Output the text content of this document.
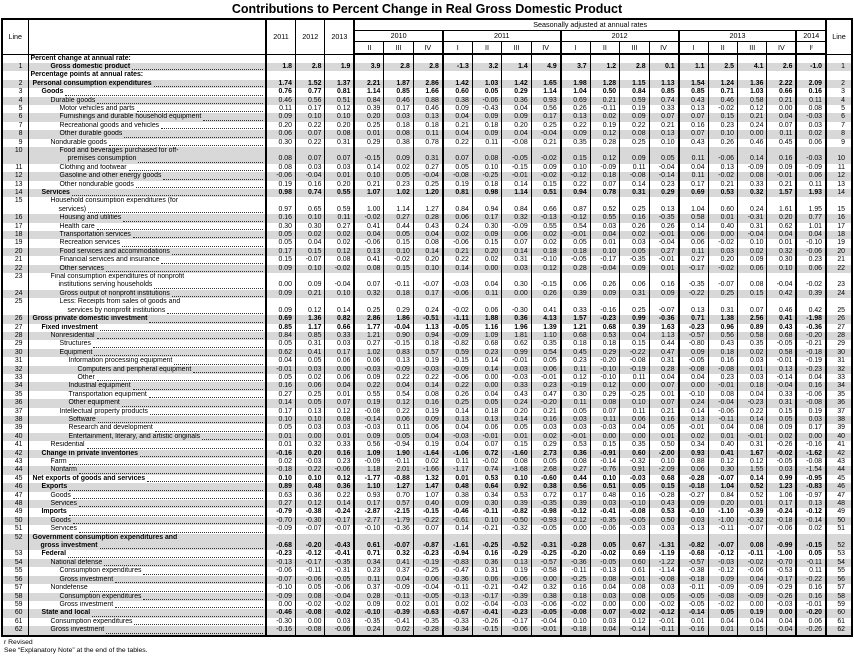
Contributions to Percent Change in Real Gross Domestic Product
Line		2011	2012	2013	Seasonally adjusted at annual rates																Line
					2010			2011				2012				2013				2014	
					II	III	IV	I	II	III	IV	I	II	III	IV	I	II	III	IV	Iʳ	
	Percent change at annual rate:																				
1	Gross domestic product	1.8	2.8	1.9	3.9	2.8	2.8	-1.3	3.2	1.4	4.9	3.7	1.2	2.8	0.1	1.1	2.5	4.1	2.6	-1.0	1
	Percentage points at annual rates:																				
2	Personal consumption expenditures	1.74	1.52	1.37	2.21	1.87	2.86	1.42	1.03	1.42	1.65	1.98	1.28	1.15	1.13	1.54	1.24	1.36	2.22	2.09	2
3	Goods	0.76	0.77	0.81	1.14	0.85	1.66	0.60	0.05	0.29	1.14	1.04	0.50	0.84	0.85	0.85	0.71	1.03	0.66	0.16	3
4	Durable goods	0.46	0.56	0.51	0.84	0.46	0.88	0.38	-0.06	0.36	0.93	0.69	0.21	0.59	0.74	0.43	0.46	0.58	0.21	0.11	4
5	Motor vehicles and parts	0.11	0.17	0.12	0.39	0.17	0.46	0.09	-0.43	0.04	0.56	0.26	-0.11	0.19	0.33	0.13	-0.02	0.12	0.00	0.08	5
6	Furnishings and durable household equipment	0.09	0.10	0.10	0.20	0.03	0.13	0.04	0.09	0.09	0.17	0.13	0.02	0.09	0.07	0.07	0.15	0.21	0.04	-0.03	6
7	Recreational goods and vehicles	0.20	0.22	0.20	0.25	0.18	0.18	0.21	0.18	0.20	0.25	0.22	0.19	0.22	0.21	0.16	0.23	0.24	0.07	0.03	7
8	Other durable goods	0.06	0.07	0.08	0.01	0.08	0.11	0.04	0.09	0.04	-0.04	0.09	0.12	0.08	0.13	0.07	0.10	0.00	0.11	0.02	8
9	Nondurable goods	0.30	0.22	0.31	0.29	0.38	0.78	0.22	0.11	-0.08	0.21	0.35	0.28	0.25	0.10	0.43	0.26	0.46	0.45	0.06	9
10	Food and beverages purchased for off-
premises consumption	0.08	0.07	0.07	-0.15	0.09	0.31	0.07	0.08	-0.05	-0.02	0.15	0.12	0.09	0.05	0.11	-0.06	0.14	0.16	-0.03	10
11	Clothing and footwear	0.08	0.03	0.03	0.14	0.02	0.27	0.05	0.10	-0.15	0.09	0.10	-0.09	0.11	-0.04	0.04	0.13	-0.09	0.09	-0.09	11
12	Gasoline and other energy goods	-0.06	-0.04	0.01	0.10	0.05	-0.04	-0.08	-0.25	-0.01	-0.02	-0.12	0.18	-0.08	-0.14	0.11	-0.02	0.08	-0.01	0.06	12
13	Other nondurable goods	0.19	0.16	0.20	0.21	0.23	0.25	0.19	0.18	0.14	0.15	0.22	0.07	0.14	0.23	0.17	0.21	0.33	0.21	0.11	13
14	Services	0.98	0.74	0.55	1.07	1.02	1.20	0.81	0.98	1.14	0.51	0.94	0.78	0.31	0.29	0.69	0.53	0.32	1.57	1.93	14
15	Household consumption expenditures (for
services)	0.97	0.65	0.59	1.00	1.14	1.27	0.84	0.94	0.84	0.66	0.87	0.52	0.25	0.13	1.04	0.60	0.24	1.61	1.95	15
16	Housing and utilities	0.16	0.10	0.11	-0.02	0.27	0.28	0.06	0.17	0.32	-0.13	-0.12	0.55	0.16	-0.35	0.58	0.01	-0.31	0.20	0.77	16
17	Health care	0.30	0.30	0.27	0.41	0.44	0.43	0.24	0.30	-0.09	0.55	0.54	0.03	0.26	0.26	0.14	0.40	0.31	0.62	1.01	17
18	Transportation services	0.05	0.02	0.02	0.04	0.05	0.04	0.02	0.09	0.06	0.02	-0.01	0.04	0.02	-0.01	0.06	0.00	-0.04	0.04	0.04	18
19	Recreation services	0.05	0.04	0.02	-0.06	0.15	0.08	-0.06	0.15	0.07	0.02	0.05	0.01	0.03	-0.04	0.06	-0.02	0.10	0.01	-0.10	19
20	Food services and accommodations	0.17	0.15	0.12	0.13	0.10	0.14	0.21	0.20	0.14	0.18	0.18	0.10	0.05	0.27	0.11	0.03	0.02	0.32	-0.06	20
21	Financial services and insurance	0.15	-0.07	0.08	0.41	-0.02	0.20	0.22	0.02	0.31	-0.10	-0.05	-0.17	-0.35	-0.01	0.27	0.20	0.09	0.30	0.23	21
22	Other services	0.09	0.10	-0.02	0.08	0.15	0.10	0.14	0.00	0.03	0.12	0.28	-0.04	0.09	0.01	-0.17	-0.02	0.06	0.10	0.06	22
23	Final consumption expenditures of nonprofit
institutions serving households	0.00	0.09	-0.04	0.07	-0.11	-0.07	-0.03	0.04	0.30	-0.15	0.06	0.26	0.06	0.16	-0.35	-0.07	0.08	-0.04	-0.02	23
24	Gross output of nonprofit institutions	0.09	0.21	0.10	0.32	0.18	0.17	-0.06	0.11	0.00	0.26	0.39	0.09	0.31	0.09	-0.22	0.25	0.15	0.42	0.39	24
25	Less: Receipts from sales of goods and
services by nonprofit institutions	0.09	0.12	0.14	0.25	0.29	0.24	-0.02	0.06	-0.30	0.41	0.33	-0.16	0.25	-0.07	0.13	0.31	0.07	0.46	0.42	25
26	Gross private domestic investment	0.69	1.36	0.82	2.86	1.86	-0.51	-1.11	1.88	0.36	4.13	1.57	-0.23	0.99	-0.36	0.71	1.38	2.56	0.41	-1.98	26
27	Fixed investment	0.85	1.17	0.66	1.77	-0.04	1.13	-0.05	1.16	1.96	1.39	1.21	0.68	0.39	1.63	-0.23	0.96	0.89	0.43	-0.36	27
28	Nonresidential	0.84	0.85	0.33	1.21	0.90	0.94	-0.09	1.09	1.81	1.10	0.68	0.53	0.04	1.13	-0.57	0.56	0.58	0.68	-0.20	28
29	Structures	0.05	0.31	0.03	0.27	-0.15	0.18	-0.82	0.68	0.62	0.35	0.18	0.18	0.15	0.44	-0.80	0.43	0.35	-0.05	-0.21	29
30	Equipment	0.62	0.41	0.17	1.02	0.83	0.57	0.59	0.23	0.99	0.54	0.45	0.29	-0.22	0.47	0.09	0.18	0.02	0.58	-0.18	30
31	Information processing equipment	0.04	0.05	0.06	0.06	0.13	0.19	-0.15	0.14	-0.01	0.05	0.23	-0.20	-0.08	0.31	-0.05	0.16	0.03	-0.01	-0.19	31
32	Computers and peripheral equipment	-0.01	0.03	0.00	-0.03	-0.09	-0.03	-0.09	0.14	0.03	0.06	0.11	-0.10	-0.19	0.28	-0.08	-0.08	0.01	0.13	-0.23	32
33	Other	0.05	0.02	0.06	0.09	0.22	0.22	-0.06	0.00	-0.03	-0.01	0.12	-0.10	0.11	0.04	0.04	0.23	0.03	-0.14	0.04	33
34	Industrial equipment	0.16	0.06	0.04	0.22	0.04	0.14	0.22	0.00	0.33	0.23	-0.19	0.12	0.00	0.07	0.00	-0.01	0.18	-0.04	0.16	34
35	Transportation equipment	0.27	0.25	0.01	0.55	0.54	0.08	0.26	0.04	0.43	0.47	0.30	0.29	-0.25	0.01	-0.10	0.08	0.04	0.33	-0.06	35
36	Other equipment	0.14	0.05	0.07	0.19	0.12	0.16	0.25	0.05	0.24	-0.20	0.11	0.08	0.10	0.07	0.24	-0.04	-0.23	0.31	-0.08	36
37	Intellectual property products	0.17	0.13	0.12	-0.08	0.22	0.19	0.14	0.18	0.20	0.21	0.05	0.07	0.11	0.21	0.14	-0.06	0.22	0.15	0.19	37
38	Software	0.10	0.10	0.08	-0.14	0.06	0.09	0.13	0.13	0.14	0.16	0.03	0.11	0.06	0.16	0.13	-0.11	0.14	0.05	0.03	38
39	Research and development	0.05	0.03	0.03	-0.03	0.11	0.06	0.04	0.06	0.05	0.03	0.03	-0.03	0.04	0.05	-0.01	0.04	0.08	0.09	0.17	39
40	Entertainment, literary, and artistic originals	0.01	0.00	0.01	0.09	0.05	0.04	-0.03	-0.01	0.01	0.02	-0.01	0.00	0.00	0.01	0.02	0.01	-0.01	0.02	0.00	40
41	Residential	0.01	0.32	0.33	0.56	-0.94	0.19	0.04	0.07	0.15	0.29	0.53	0.15	0.35	0.50	0.34	0.40	0.31	-0.26	-0.16	41
42	Change in private inventories	-0.16	0.20	0.16	1.09	1.90	-1.64	-1.06	0.72	-1.60	2.73	0.36	-0.91	0.60	-2.00	0.93	0.41	1.67	-0.02	-1.62	42
43	Farm	0.02	-0.03	0.23	-0.09	-0.11	0.02	0.11	-0.02	0.08	0.05	0.08	-0.14	-0.32	0.10	0.88	0.12	0.12	-0.05	-0.08	43
44	Nonfarm	-0.18	0.22	-0.06	1.18	2.01	-1.66	-1.17	0.74	-1.68	2.68	0.27	-0.76	0.91	-2.09	0.06	0.30	1.55	0.03	-1.54	44
45	Net exports of goods and services	0.10	0.10	0.12	-1.77	-0.88	1.32	0.01	0.53	0.10	-0.60	0.44	0.10	-0.03	0.68	-0.28	-0.07	0.14	0.99	-0.95	45
46	Exports	0.89	0.48	0.36	1.10	1.27	1.47	0.48	0.64	0.92	0.38	0.56	0.51	0.05	0.15	-0.18	1.04	0.52	1.23	-0.83	46
47	Goods	0.63	0.36	0.22	0.93	0.70	1.07	0.38	0.34	0.53	0.72	0.17	0.48	0.16	-0.28	-0.27	0.84	0.52	1.06	-0.97	47
48	Services	0.27	0.12	0.14	0.17	0.57	0.40	0.09	0.30	0.39	-0.35	0.39	0.03	-0.10	0.43	0.09	0.20	0.01	0.17	0.13	48
49	Imports	-0.79	-0.38	-0.24	-2.87	-2.15	-0.15	-0.46	-0.11	-0.82	-0.98	-0.12	-0.41	-0.08	0.53	-0.10	-1.10	-0.39	-0.24	-0.12	49
50	Goods	-0.70	-0.30	-0.17	-2.77	-1.79	-0.22	-0.61	0.10	-0.50	-0.93	-0.12	-0.35	-0.05	0.50	0.03	-1.00	-0.32	-0.18	-0.14	50
51	Services	-0.09	-0.07	-0.07	-0.10	-0.36	0.07	0.14	-0.21	-0.32	-0.05	0.00	-0.06	-0.03	0.03	-0.13	-0.11	-0.07	-0.06	0.02	51
52	Government consumption expenditures and
gross investment	-0.68	-0.20	-0.43	0.61	-0.07	-0.87	-1.61	-0.25	-0.52	-0.31	-0.28	0.05	0.67	-1.31	-0.82	-0.07	0.08	-0.99	-0.15	52
53	Federal	-0.23	-0.12	-0.41	0.71	0.32	-0.23	-0.94	0.16	-0.29	-0.25	-0.20	-0.02	0.69	-1.19	-0.68	-0.12	-0.11	-1.00	0.05	53
54	National defense	-0.13	-0.17	-0.35	0.34	0.41	-0.19	-0.83	0.36	0.13	-0.57	-0.36	-0.05	0.60	-1.22	-0.57	-0.03	-0.02	-0.70	-0.11	54
55	Consumption expenditures	-0.06	-0.11	-0.31	0.23	0.37	-0.25	-0.47	0.31	0.19	-0.58	-0.11	-0.13	0.61	-1.14	-0.38	-0.12	-0.06	-0.53	0.11	55
56	Gross investment	-0.07	-0.06	-0.05	0.11	0.04	0.06	-0.36	0.06	-0.06	0.00	-0.25	0.08	-0.01	-0.08	-0.18	0.09	0.04	-0.17	-0.22	56
57	Nondefense	-0.10	0.05	-0.06	0.37	-0.09	-0.04	-0.11	-0.21	-0.42	0.32	0.16	0.04	0.08	0.03	-0.11	-0.09	-0.09	-0.29	0.16	57
58	Consumption expenditures	-0.09	0.08	-0.04	0.28	-0.11	-0.05	-0.13	-0.17	-0.39	0.38	0.18	0.03	0.08	0.05	-0.05	-0.08	-0.09	-0.26	0.16	58
59	Gross investment	0.00	-0.02	-0.02	0.09	0.02	0.01	0.02	-0.04	-0.03	-0.06	-0.02	0.00	0.00	-0.02	-0.05	-0.02	0.00	-0.03	-0.01	59
60	State and local	-0.46	-0.08	-0.02	-0.10	-0.39	-0.63	-0.67	-0.41	-0.23	-0.05	-0.08	0.07	-0.02	-0.12	-0.14	0.05	0.19	0.00	-0.20	60
61	Consumption expenditures	-0.30	0.00	0.03	-0.35	-0.41	-0.35	-0.33	-0.26	-0.17	-0.04	0.10	0.03	0.12	-0.01	0.01	0.04	0.04	0.04	0.06	61
62	Gross investment	-0.16	-0.08	-0.06	0.24	0.02	-0.28	-0.34	-0.15	-0.06	-0.01	-0.18	0.04	-0.14	-0.11	-0.16	0.01	0.15	-0.04	-0.26	62
r Revised
See “Explanatory Note” at the end of the tables.
